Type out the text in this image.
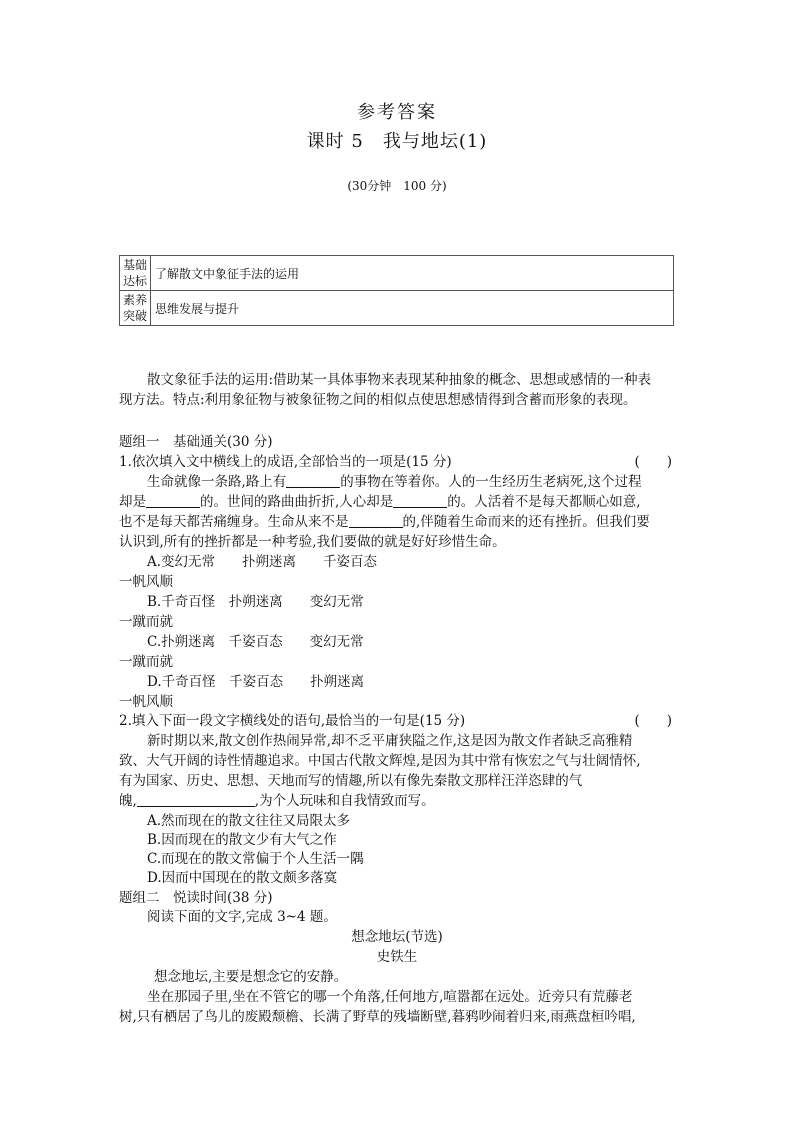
参考答案
课时 5　我与地坛(1)
(30分钟　100 分)
基础达标	了解散文中象征手法的运用
素养突破	思维发展与提升
散文象征手法的运用:借助某一具体事物来表现某种抽象的概念、思想或感情的一种表
现方法。特点:利用象征物与被象征物之间的相似点使思想感情得到含蓄而形象的表现。
题组一　基础通关(30 分)
1.依次填入文中横线上的成语,全部恰当的一项是(15 分)	(　　)
生命就像一条路,路上有	的事物在等着你。人的一生经历生老病死,这个过程
却是	的。世间的路曲曲折折,人心却是	的。人活着不是每天都顺心如意,
也不是每天都苦痛缠身。生命从来不是	的,伴随着生命而来的还有挫折。但我们要
认识到,所有的挫折都是一种考验,我们要做的就是好好珍惜生命。
A.变幻无常　　扑朔迷离　　千姿百态
一帆风顺
B.千奇百怪　扑朔迷离　　变幻无常
一蹴而就
C.扑朔迷离　千姿百态　　变幻无常
一蹴而就
D.千奇百怪　千姿百态　　扑朔迷离
一帆风顺
2.填入下面一段文字横线处的语句,最恰当的一句是(15 分)	(　　)
新时期以来,散文创作热闹异常,却不乏平庸狭隘之作,这是因为散文作者缺乏高雅精
致、大气开阔的诗性情趣追求。中国古代散文辉煌,是因为其中常有恢宏之气与壮阔情怀,
有为国家、历史、思想、天地而写的情趣,所以有像先秦散文那样汪洋恣肆的气
魄,	,为个人玩味和自我情致而写。
A.然而现在的散文往往又局限太多
B.因而现在的散文少有大气之作
C.而现在的散文常偏于个人生活一隅
D.因而中国现在的散文颇多落寞
题组二　悦读时间(38 分)
阅读下面的文字,完成 3~4 题。
想念地坛(节选)
史铁生
想念地坛,主要是想念它的安静。
坐在那园子里,坐在不管它的哪一个角落,任何地方,喧嚣都在远处。近旁只有荒藤老
树,只有栖居了鸟儿的废殿颓檐、长满了野草的残墙断壁,暮鸦吵闹着归来,雨燕盘桓吟唱,
